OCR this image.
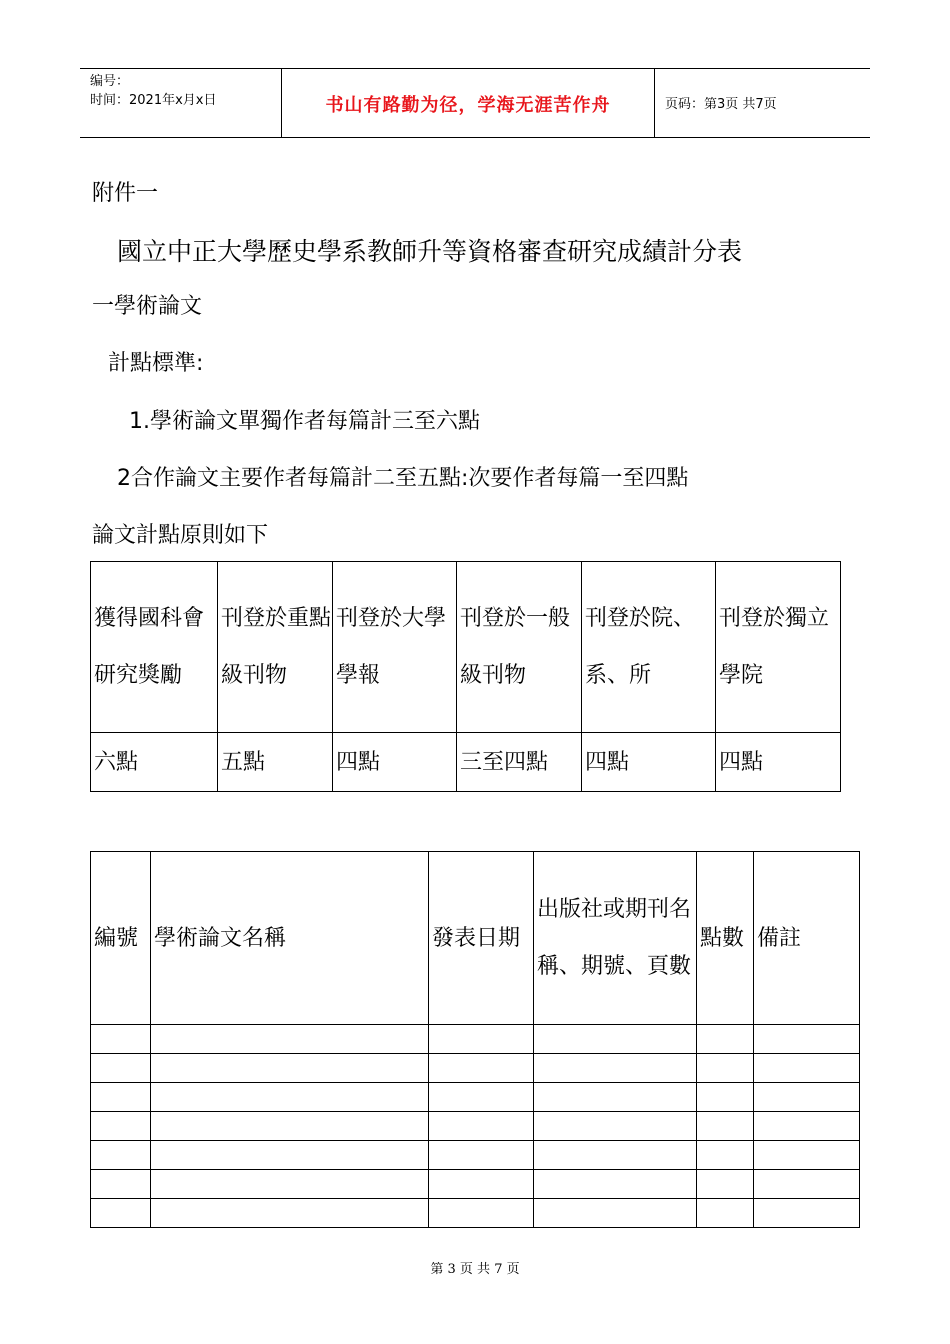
编号：
时间：2021年x月x日	书山有路勤为径，学海无涯苦作舟	页码：第3页 共7页
附件一
國立中正大學歷史學系教師升等資格審查研究成績計分表
一學術論文
計點標準:
1.學術論文單獨作者每篇計三至六點
2合作論文主要作者每篇計二至五點:次要作者每篇一至四點
論文計點原則如下
獲得國科會研究獎勵	刊登於重點級刊物	刊登於大學學報	刊登於一般級刊物	刊登於院、系、所	刊登於獨立學院
六點	五點	四點	三至四點	四點	四點
編號	學術論文名稱	發表日期	出版社或期刊名稱、期號、頁數	點數	備註

第 3 页 共 7 页
